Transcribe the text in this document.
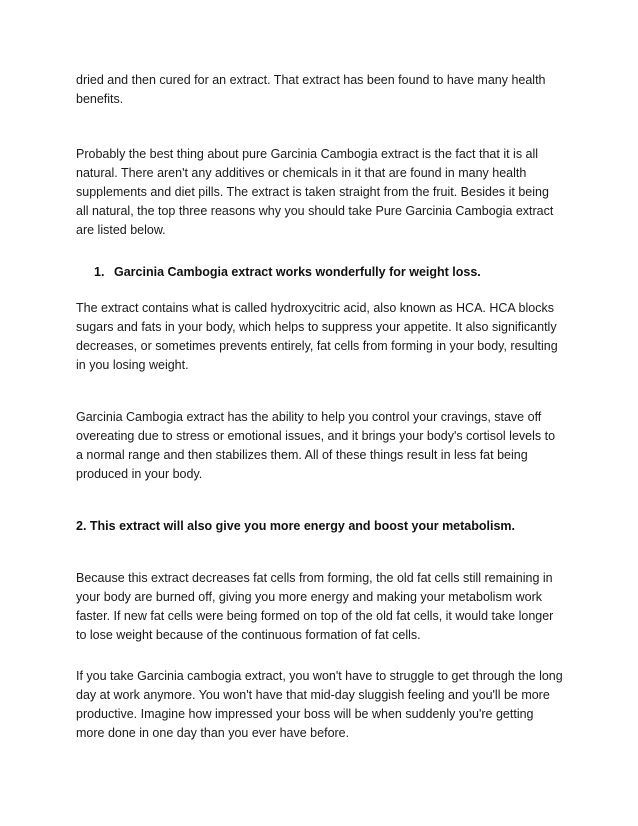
dried and then cured for an extract. That extract has been found to have many health
benefits.

Probably the best thing about pure Garcinia Cambogia extract is the fact that it is all
natural. There aren't any additives or chemicals in it that are found in many health
supplements and diet pills. The extract is taken straight from the fruit. Besides it being
all natural, the top three reasons why you should take Pure Garcinia Cambogia extract
are listed below.

1. Garcinia Cambogia extract works wonderfully for weight loss.

The extract contains what is called hydroxycitric acid, also known as HCA. HCA blocks
sugars and fats in your body, which helps to suppress your appetite. It also significantly
decreases, or sometimes prevents entirely, fat cells from forming in your body, resulting
in you losing weight.

Garcinia Cambogia extract has the ability to help you control your cravings, stave off
overeating due to stress or emotional issues, and it brings your body's cortisol levels to
a normal range and then stabilizes them. All of these things result in less fat being
produced in your body.

2. This extract will also give you more energy and boost your metabolism.

Because this extract decreases fat cells from forming, the old fat cells still remaining in
your body are burned off, giving you more energy and making your metabolism work
faster. If new fat cells were being formed on top of the old fat cells, it would take longer
to lose weight because of the continuous formation of fat cells.

If you take Garcinia cambogia extract, you won't have to struggle to get through the long
day at work anymore. You won't have that mid-day sluggish feeling and you'll be more
productive. Imagine how impressed your boss will be when suddenly you're getting
more done in one day than you ever have before.
